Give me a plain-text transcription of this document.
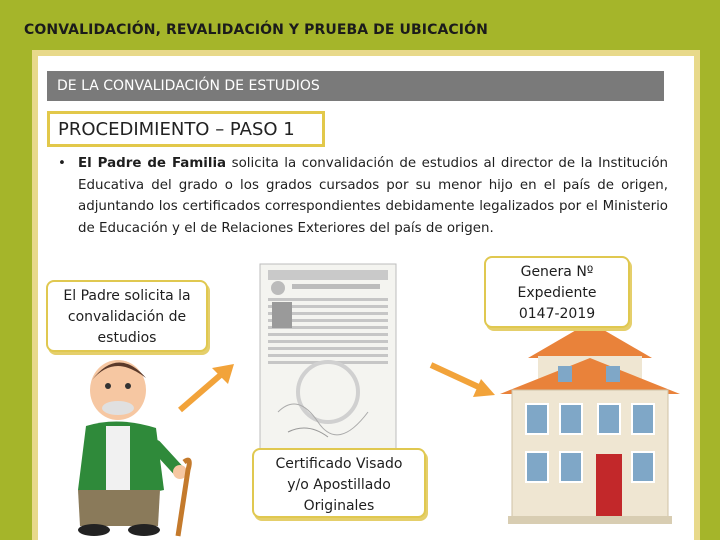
CONVALIDACIÓN, REVALIDACIÓN Y PRUEBA DE UBICACIÓN
DE LA CONVALIDACIÓN DE ESTUDIOS
PROCEDIMIENTO – PASO 1
• El Padre de Familia solicita la convalidación de estudios al director de la Institución Educativa del grado o los grados cursados por su menor hijo en el país de origen, adjuntando los certificados correspondientes debidamente legalizados por el Ministerio de Educación y el de Relaciones Exteriores del país de origen.
El Padre solicita la
convalidación de
estudios
Genera Nº
Expediente
0147-2019
Certificado Visado
y/o Apostillado
Originales
